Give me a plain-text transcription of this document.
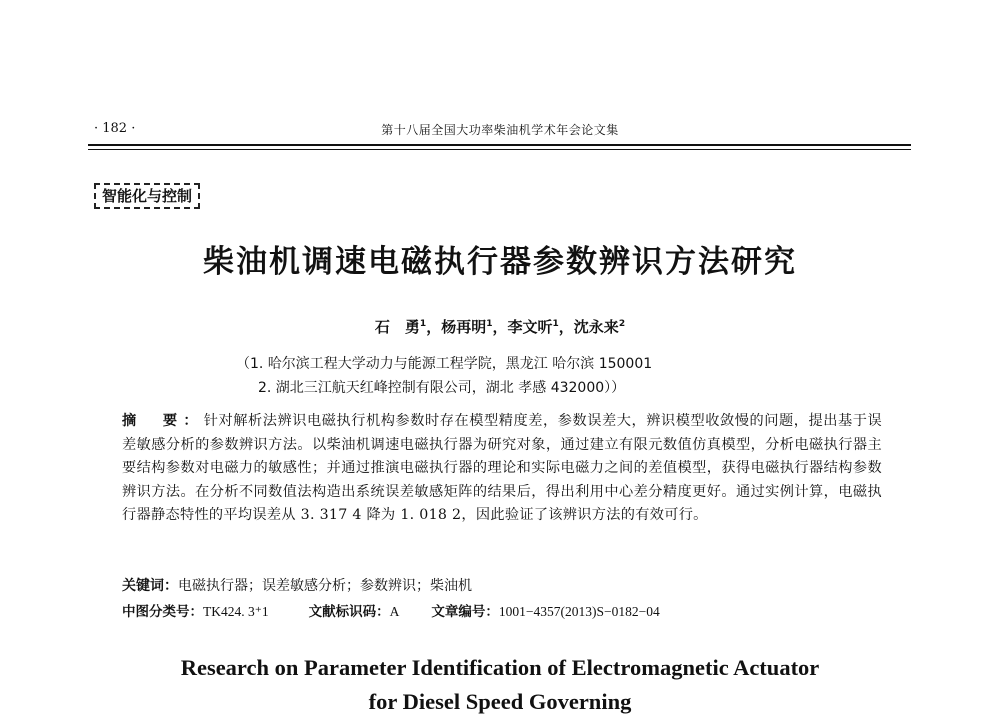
· 182 ·	第十八届全国大功率柴油机学术年会论文集
智能化与控制
柴油机调速电磁执行器参数辨识方法研究
石　勇$^1$，杨再明$^1$，李文听$^1$，沈永来$^2$
（1. 哈尔滨工程大学动力与能源工程学院，黑龙江 哈尔滨 150001
2. 湖北三江航天红峰控制有限公司，湖北 孝感 432000））
摘　要：针对解析法辨识电磁执行机构参数时存在模型精度差，参数误差大，辨识模型收敛慢的问题，提出基于误差敏感分析的参数辨识方法。以柴油机调速电磁执行器为研究对象，通过建立有限元数值仿真模型，分析电磁执行器主要结构参数对电磁力的敏感性；并通过推演电磁执行器的理论和实际电磁力之间的差值模型，获得电磁执行器结构参数辨识方法。在分析不同数值法构造出系统误差敏感矩阵的结果后，得出利用中心差分精度更好。通过实例计算，电磁执行器静态特性的平均误差从 3. 317 4 降为 1. 018 2，因此验证了该辨识方法的有效可行。
关键词：电磁执行器；误差敏感分析；参数辨识；柴油机
中图分类号：TK424. 3⁺1	文献标识码：A 文章编号：1001−4357(2013)S−0182−04
Research on Parameter Identification of Electromagnetic Actuator
for Diesel Speed Governing
